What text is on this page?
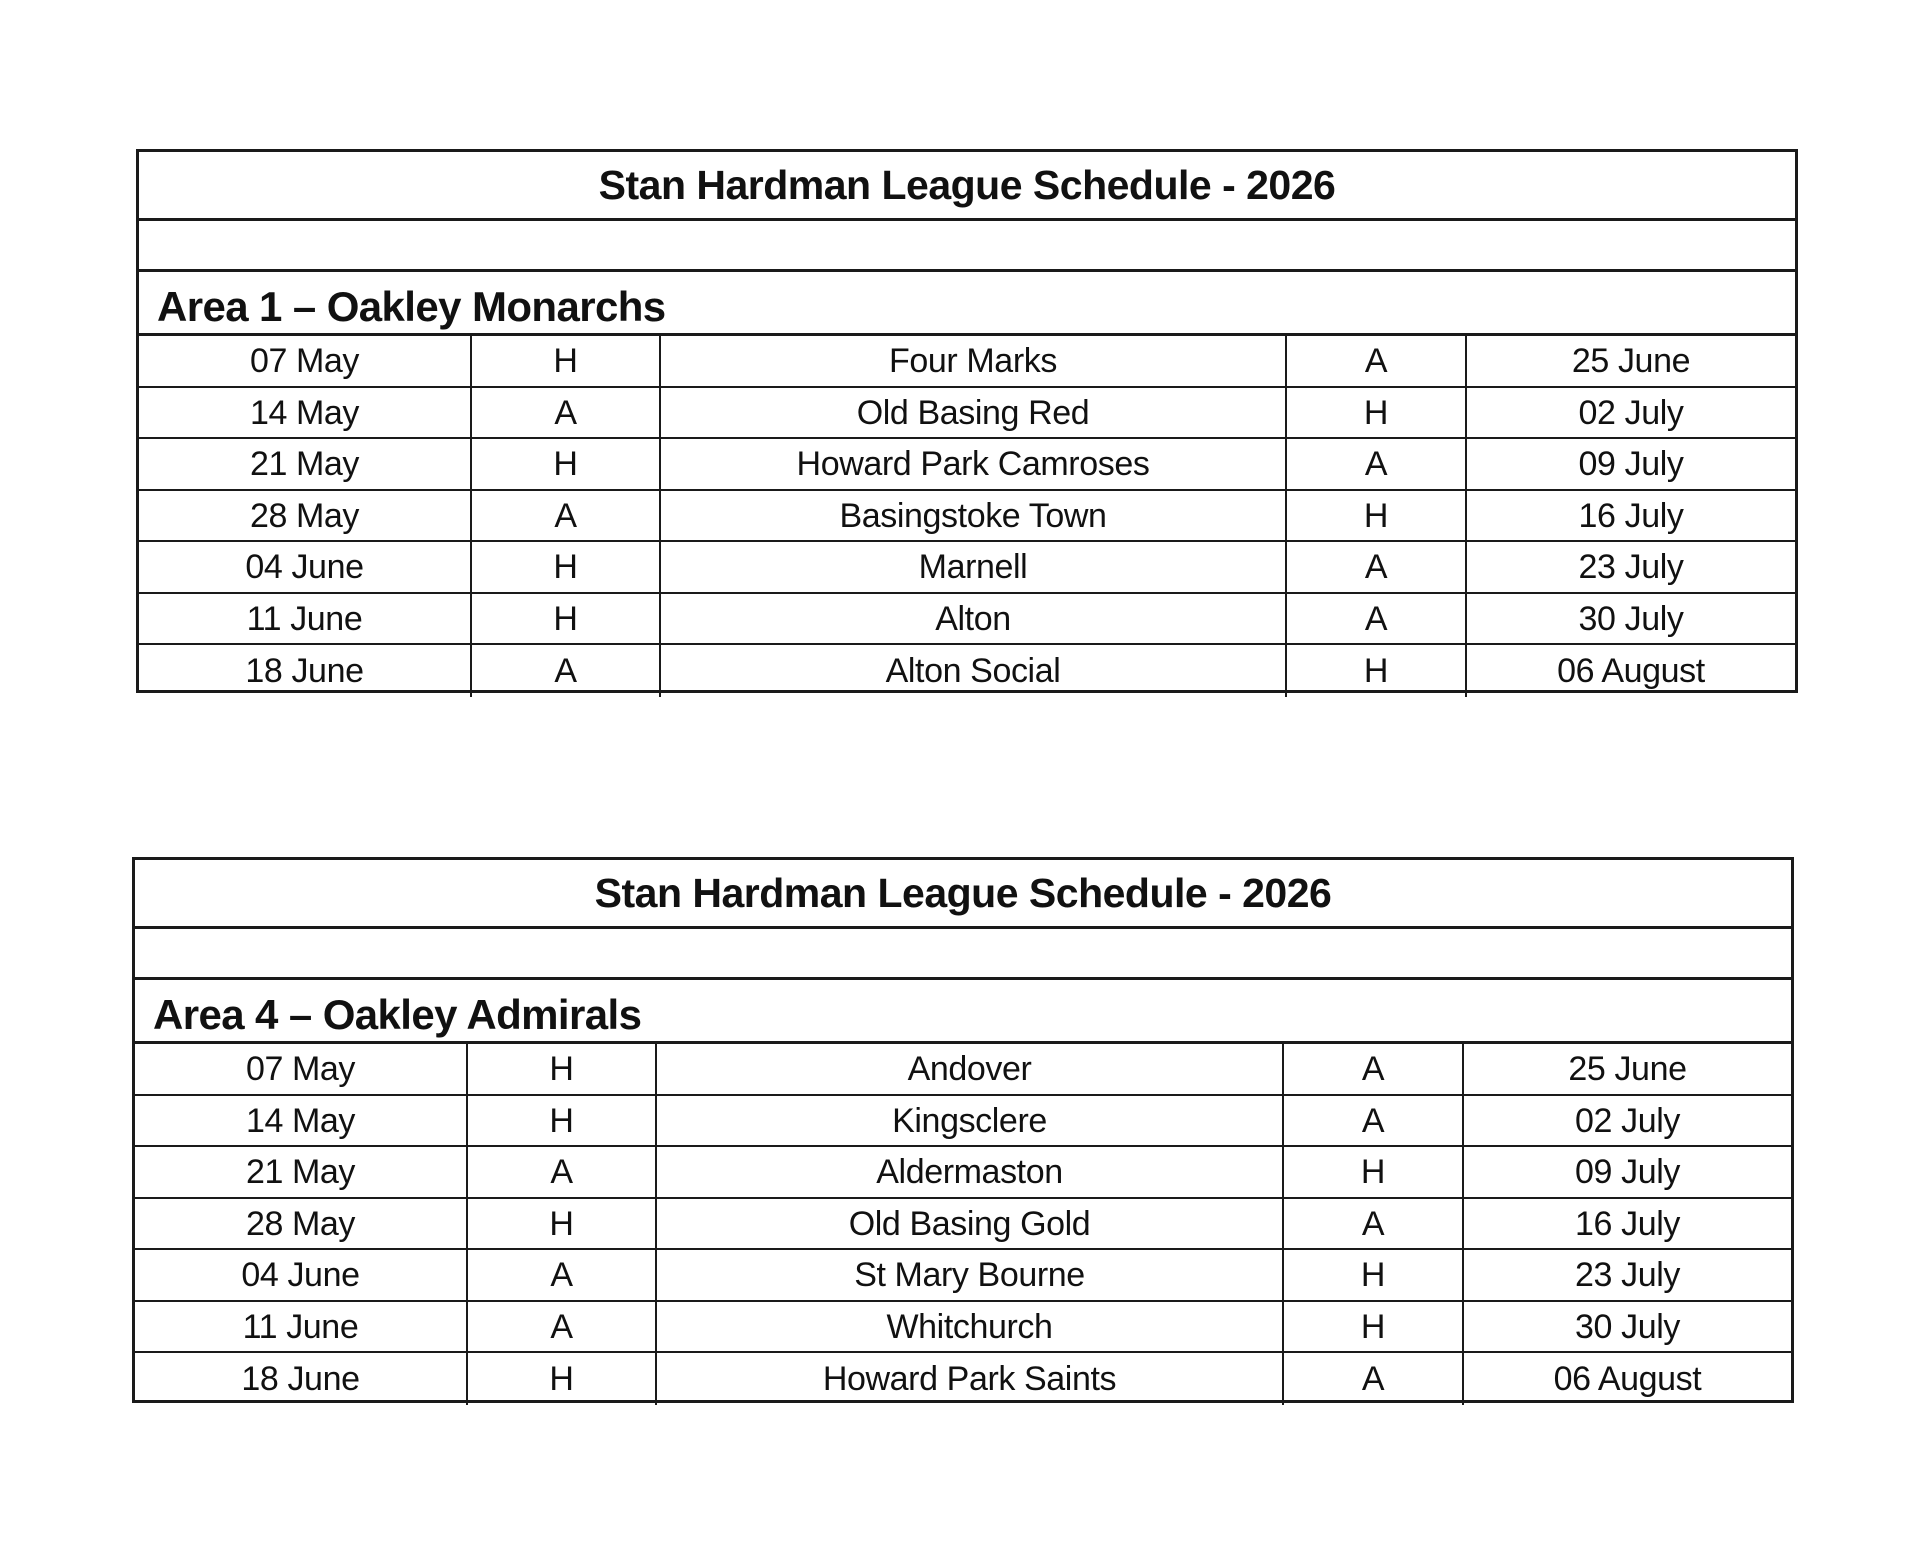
Stan Hardman League Schedule - 2026
Area 1 – Oakley Monarchs
07 May	H	Four Marks	A	25 June
14 May	A	Old Basing Red	H	02 July
21 May	H	Howard Park Camroses	A	09 July
28 May	A	Basingstoke Town	H	16 July
04 June	H	Marnell	A	23 July
11 June	H	Alton	A	30 July
18 June	A	Alton Social	H	06 August
Stan Hardman League Schedule - 2026
Area 4 – Oakley Admirals
07 May	H	Andover	A	25 June
14 May	H	Kingsclere	A	02 July
21 May	A	Aldermaston	H	09 July
28 May	H	Old Basing Gold	A	16 July
04 June	A	St Mary Bourne	H	23 July
11 June	A	Whitchurch	H	30 July
18 June	H	Howard Park Saints	A	06 August
